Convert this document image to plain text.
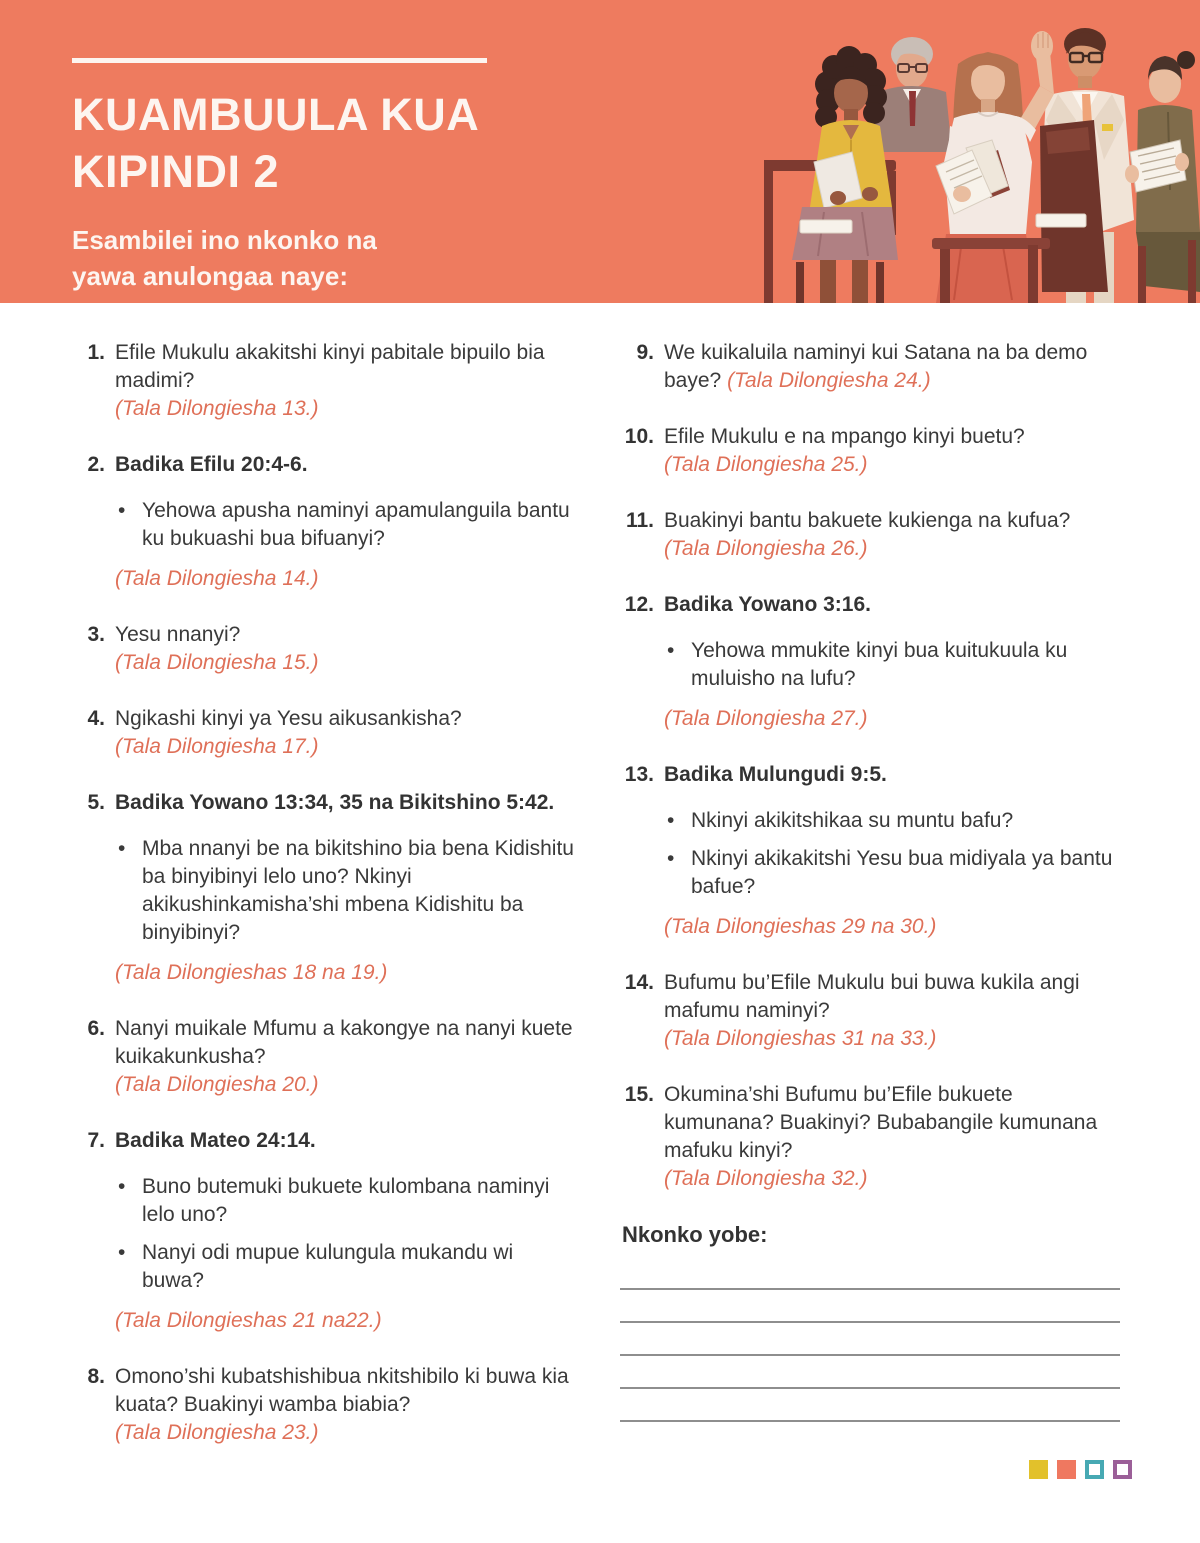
KUAMBUULA KUA
KIPINDI 2
Esambilei ino nkonko na
yawa anulongaa naye:
1. Efile Mukulu akakitshi kinyi pabitale bipuilo bia madimi?

(Tala Dilongiesha 13.)

2. Badika Efilu 20:4-6.

• Yehowa apusha naminyi apamulanguila bantu ku bukuashi bua bifuanyi?

(Tala Dilongiesha 14.)

3. Yesu nnanyi?

(Tala Dilongiesha 15.)

4. Ngikashi kinyi ya Yesu aikusankisha?

(Tala Dilongiesha 17.)

5. Badika Yowano 13:34, 35 na Bikitshino 5:42.

• Mba nnanyi be na bikitshino bia bena Kidishitu ba binyibinyi lelo uno? Nkinyi akikushinkamisha’shi mbena Kidishitu ba binyibinyi?

(Tala Dilongieshas 18 na 19.)

6. Nanyi muikale Mfumu a kakongye na nanyi kuete kuikakunkusha?

(Tala Dilongiesha 20.)

7. Badika Mateo 24:14.

• Buno butemuki bukuete kulombana naminyi lelo uno?
• Nanyi odi mupue kulungula mukandu wi buwa?

(Tala Dilongieshas 21 na22.)

8. Omono’shi kubatshishibua nkitshibilo ki buwa kia kuata? Buakinyi wamba biabia?

(Tala Dilongiesha 23.)

9. We kuikaluila naminyi kui Satana na ba demo baye? (Tala Dilongiesha 24.)

10. Efile Mukulu e na mpango kinyi buetu?

(Tala Dilongiesha 25.)

11. Buakinyi bantu bakuete kukienga na kufua?

(Tala Dilongiesha 26.)

12. Badika Yowano 3:16.

• Yehowa mmukite kinyi bua kuitukuula ku muluisho na lufu?

(Tala Dilongiesha 27.)

13. Badika Mulungudi 9:5.

• Nkinyi akikitshikaa su muntu bafu?
• Nkinyi akikakitshi Yesu bua midiyala ya bantu bafue?

(Tala Dilongieshas 29 na 30.)

14. Bufumu bu’Efile Mukulu bui buwa kukila angi mafumu naminyi?

(Tala Dilongieshas 31 na 33.)

15. Okumina’shi Bufumu bu’Efile bukuete kumunana? Buakinyi? Bubabangile kumunana mafuku kinyi?

(Tala Dilongiesha 32.)

Nkonko yobe:
